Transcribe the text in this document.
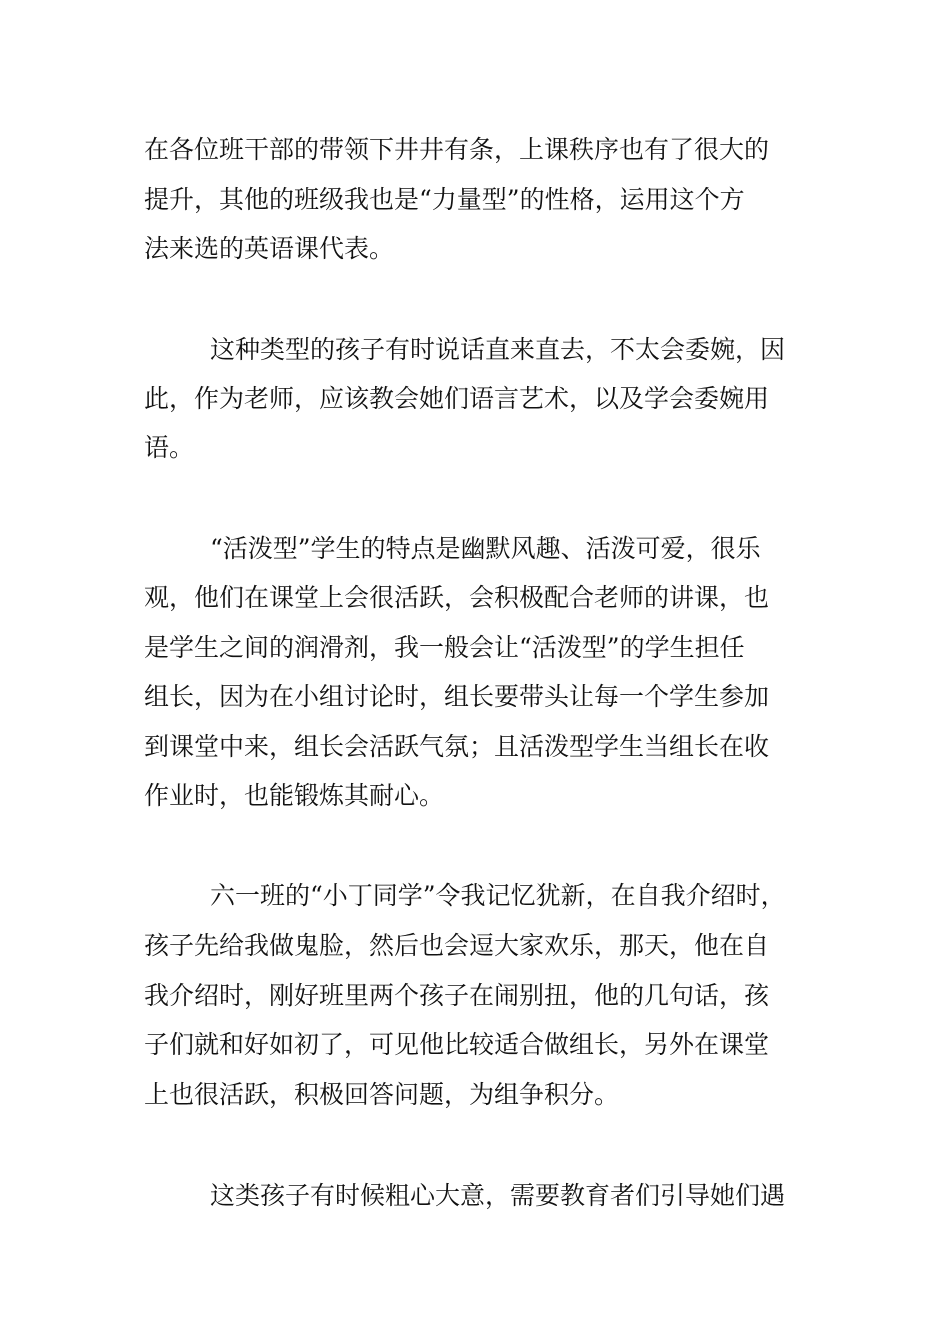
在各位班干部的带领下井井有条，上课秩序也有了很大的

提升，其他的班级我也是“力量型”的性格，运用这个方

法来选的英语课代表。

这种类型的孩子有时说话直来直去，不太会委婉，因

此，作为老师，应该教会她们语言艺术，以及学会委婉用

语。

“活泼型”学生的特点是幽默风趣、活泼可爱，很乐

观，他们在课堂上会很活跃，会积极配合老师的讲课，也

是学生之间的润滑剂，我一般会让“活泼型”的学生担任

组长，因为在小组讨论时，组长要带头让每一个学生参加

到课堂中来，组长会活跃气氛；且活泼型学生当组长在收

作业时，也能锻炼其耐心。

六一班的“小丁同学”令我记忆犹新，在自我介绍时，

孩子先给我做鬼脸，然后也会逗大家欢乐，那天，他在自

我介绍时，刚好班里两个孩子在闹别扭，他的几句话，孩

子们就和好如初了，可见他比较适合做组长，另外在课堂

上也很活跃，积极回答问题，为组争积分。

这类孩子有时候粗心大意，需要教育者们引导她们遇
